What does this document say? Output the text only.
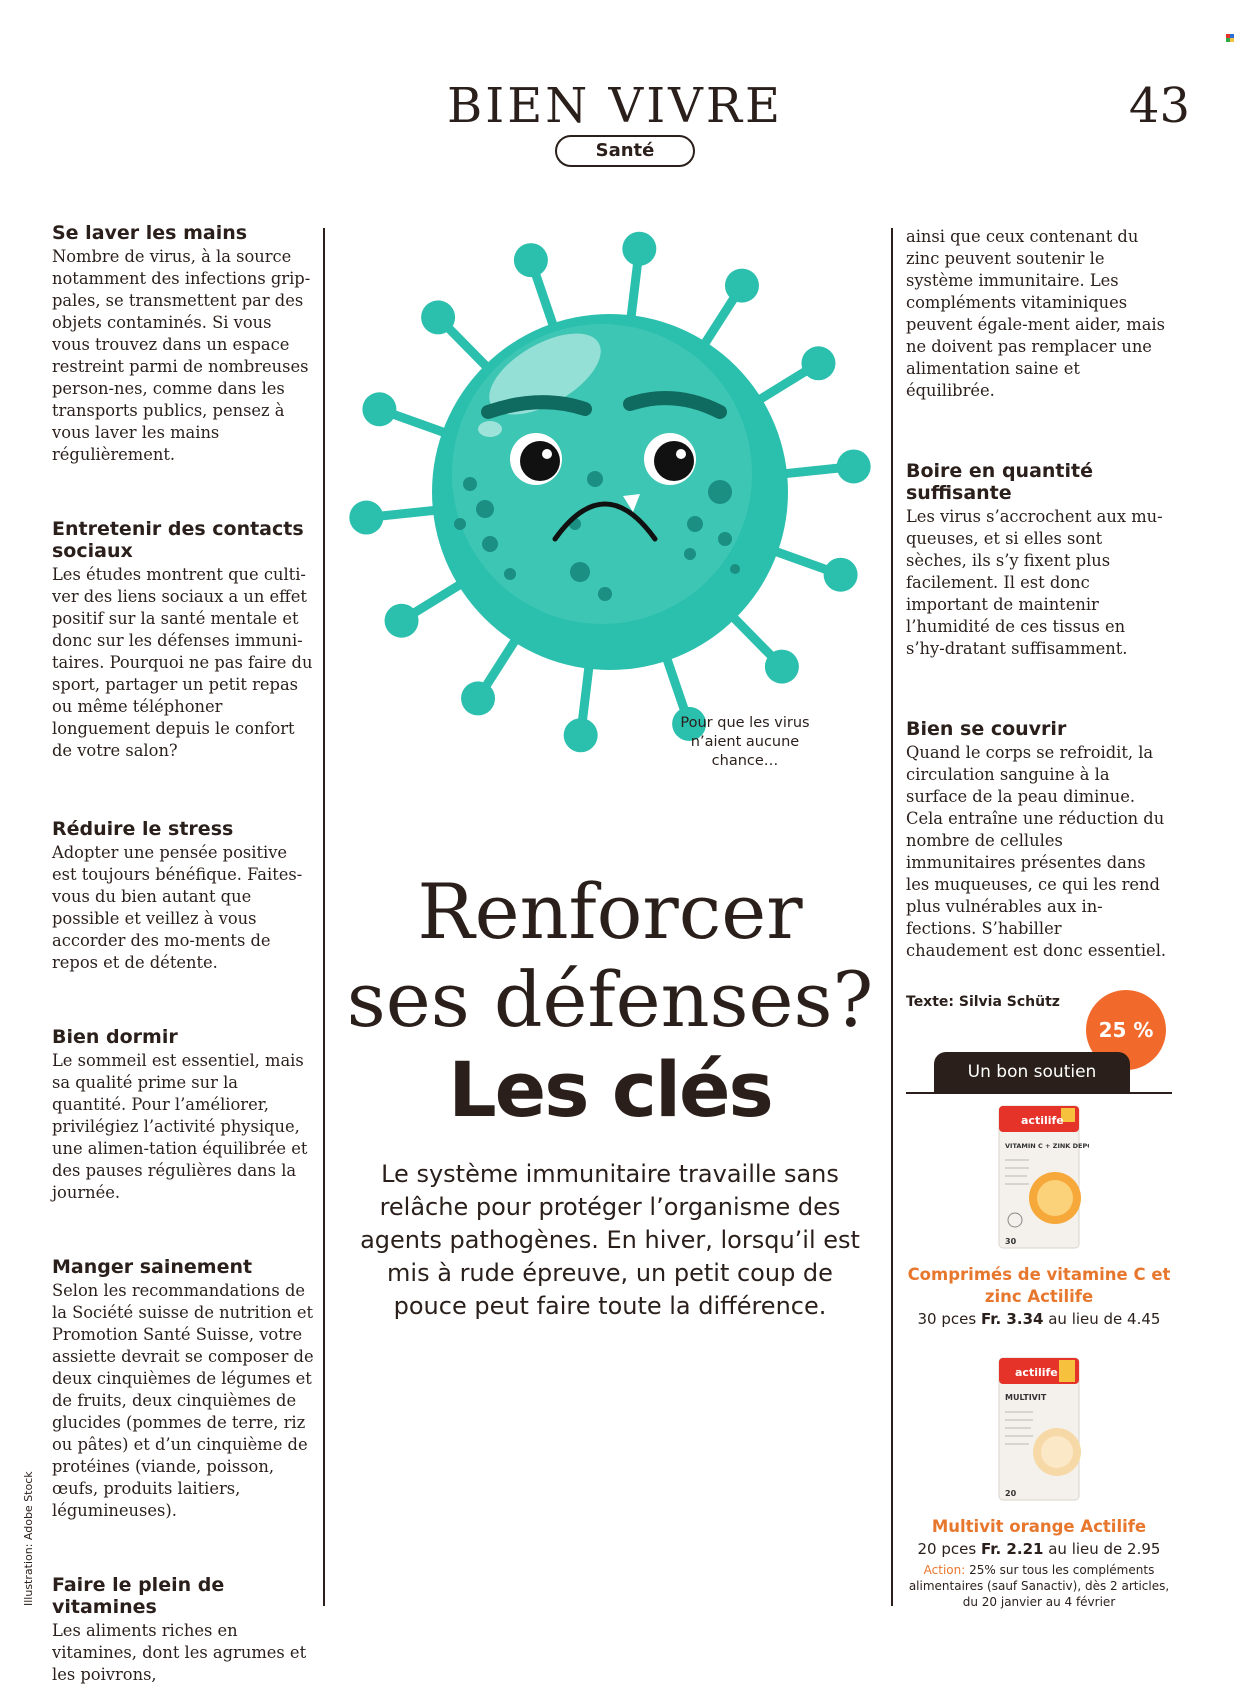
BIEN VIVRE
Santé
43
Se laver les mains

Nombre de virus, à la source notamment des infections grip-pales, se transmettent par des objets contaminés. Si vous vous trouvez dans un espace restreint parmi de nombreuses person-nes, comme dans les transports publics, pensez à vous laver les mains régulièrement.

Entretenir des contacts sociaux

Les études montrent que culti-ver des liens sociaux a un effet positif sur la santé mentale et donc sur les défenses immuni-taires. Pourquoi ne pas faire du sport, partager un petit repas ou même téléphoner longuement depuis le confort de votre salon?

Réduire le stress

Adopter une pensée positive est toujours bénéfique. Faites-vous du bien autant que possible et veillez à vous accorder des mo-ments de repos et de détente.

Bien dormir

Le sommeil est essentiel, mais sa qualité prime sur la quantité. Pour l’améliorer, privilégiez l’activité physique, une alimen-tation équilibrée et des pauses régulières dans la journée.

Manger sainement

Selon les recommandations de la Société suisse de nutrition et Promotion Santé Suisse, votre assiette devrait se composer de deux cinquièmes de légumes et de fruits, deux cinquièmes de glucides (pommes de terre, riz ou pâtes) et d’un cinquième de protéines (viande, poisson, œufs, produits laitiers, légumineuses).

Faire le plein de vitamines

Les aliments riches en vitamines, dont les agrumes et les poivrons,

Pour que les virus n’aient aucune chance…
Renforcer
ses défenses?
Les clés
Le système immunitaire travaille sans relâche pour protéger l’organisme des agents pathogènes. En hiver, lorsqu’il est mis à rude épreuve, un petit coup de pouce peut faire toute la différence.

ainsi que ceux contenant du zinc peuvent soutenir le système immunitaire. Les compléments vitaminiques peuvent égale-ment aider, mais ne doivent pas remplacer une alimentation saine et équilibrée.

Boire en quantité suffisante

Les virus s’accrochent aux mu-queuses, et si elles sont sèches, ils s’y fixent plus facilement. Il est donc important de maintenir l’humidité de ces tissus en s’hy-dratant suffisamment.

Bien se couvrir

Quand le corps se refroidit, la circulation sanguine à la surface de la peau diminue. Cela entraîne une réduction du nombre de cellules immunitaires présentes dans les muqueuses, ce qui les rend plus vulnérables aux in-fections. S’habiller chaudement est donc essentiel.

Texte: Silvia Schütz
25 %
Un bon soutien
actilife
VITAMIN C + ZINK DEPOT
30
Comprimés de vitamine C et zinc Actilife
30 pces Fr. 3.34 au lieu de 4.45
actilife
MULTIVIT
20
Multivit orange Actilife
20 pces Fr. 2.21 au lieu de 2.95
Action: 25% sur tous les compléments alimentaires (sauf Sanactiv), dès 2 articles, du 20 janvier au 4 février
Illustration: Adobe Stock
